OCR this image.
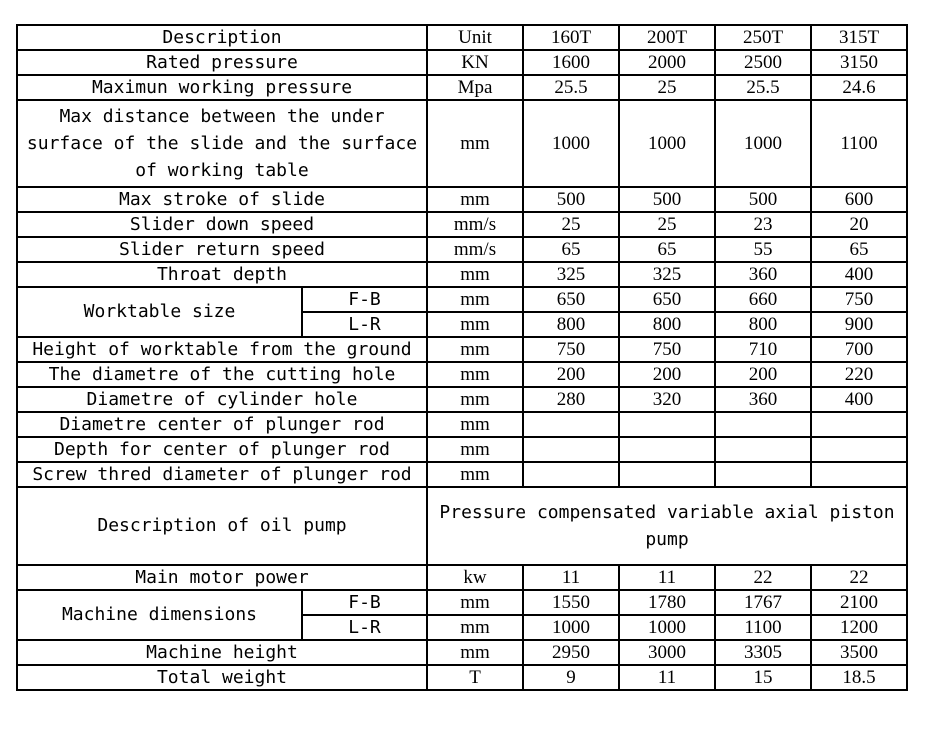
Description		Unit	160T	200T	250T	315T
Rated pressure		KN	1600	2000	2500	3150
Maximun working pressure		Mpa	25.5	25	25.5	24.6
Max distance between the under surface of the slide and the surface of working table		mm	1000	1000	1000	1100
Max stroke of slide		mm	500	500	500	600
Slider down speed		mm/s	25	25	23	20
Slider return speed		mm/s	65	65	55	65
Throat depth		mm	325	325	360	400
Worktable size	F-B	mm	650	650	660	750
	L-R	mm	800	800	800	900
Height of worktable from the ground		mm	750	750	710	700
The diametre of the cutting hole		mm	200	200	200	220
Diametre of cylinder hole		mm	280	320	360	400
Diametre center of plunger rod		mm				
Depth for center of plunger rod		mm				
Screw thred diameter of plunger rod		mm				
Description of oil pump		Pressure compensated variable axial piston pump				
Main motor power		kw	11	11	22	22
Machine dimensions	F-B	mm	1550	1780	1767	2100
	L-R	mm	1000	1000	1100	1200
Machine height		mm	2950	3000	3305	3500
Total weight		T	9	11	15	18.5
